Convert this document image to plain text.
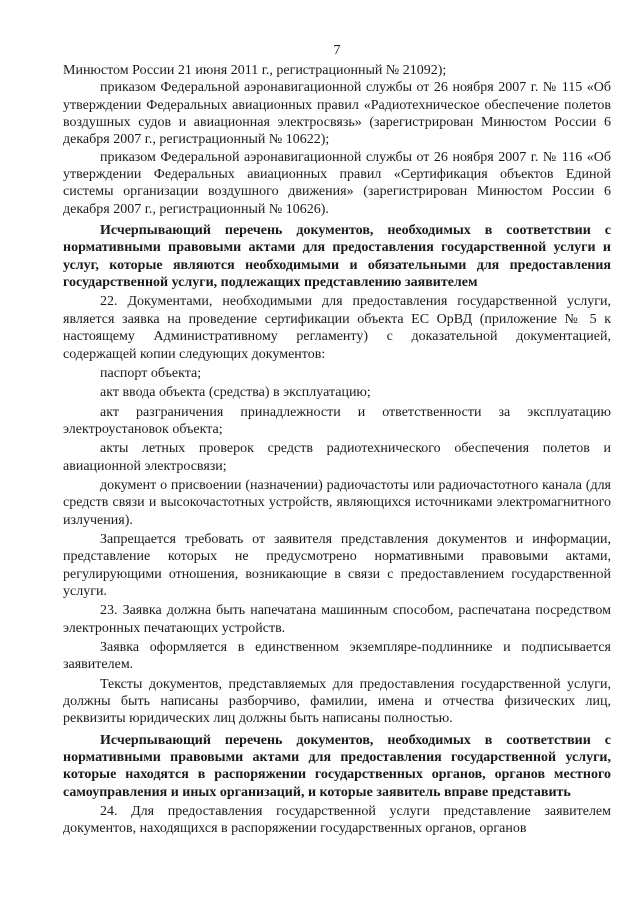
7

Минюстом России 21 июня 2011 г., регистрационный № 21092);

приказом Федеральной аэронавигационной службы от 26 ноября 2007 г. № 115 «Об утверждении Федеральных авиационных правил «Радиотехническое обеспечение полетов воздушных судов и авиационная электросвязь» (зарегистрирован Минюстом России 6 декабря 2007 г., регистрационный № 10622);

приказом Федеральной аэронавигационной службы от 26 ноября 2007 г. № 116 «Об утверждении Федеральных авиационных правил «Сертификация объектов Единой системы организации воздушного движения» (зарегистрирован Минюстом России 6 декабря 2007 г., регистрационный № 10626).

Исчерпывающий перечень документов, необходимых в соответствии с нормативными правовыми актами для предоставления государственной услуги и услуг, которые являются необходимыми и обязательными для предоставления государственной услуги, подлежащих представлению заявителем

22. Документами, необходимыми для предоставления государственной услуги, является заявка на проведение сертификации объекта ЕС ОрВД (приложение № 5 к настоящему Административному регламенту) с доказательной документацией, содержащей копии следующих документов:

паспорт объекта;

акт ввода объекта (средства) в эксплуатацию;

акт разграничения принадлежности и ответственности за эксплуатацию электроустановок объекта;

акты летных проверок средств радиотехнического обеспечения полетов и авиационной электросвязи;

документ о присвоении (назначении) радиочастоты или радиочастотного канала (для средств связи и высокочастотных устройств, являющихся источниками электромагнитного излучения).

Запрещается требовать от заявителя представления документов и информации, представление которых не предусмотрено нормативными правовыми актами, регулирующими отношения, возникающие в связи с предоставлением государственной услуги.

23. Заявка должна быть напечатана машинным способом, распечатана посредством электронных печатающих устройств.

Заявка оформляется в единственном экземпляре-подлиннике и подписывается заявителем.

Тексты документов, представляемых для предоставления государственной услуги, должны быть написаны разборчиво, фамилии, имена и отчества физических лиц, реквизиты юридических лиц должны быть написаны полностью.

Исчерпывающий перечень документов, необходимых в соответствии с нормативными правовыми актами для предоставления государственной услуги, которые находятся в распоряжении государственных органов, органов местного самоуправления и иных организаций, и которые заявитель вправе представить

24. Для предоставления государственной услуги представление заявителем документов, находящихся в распоряжении государственных органов, органов
